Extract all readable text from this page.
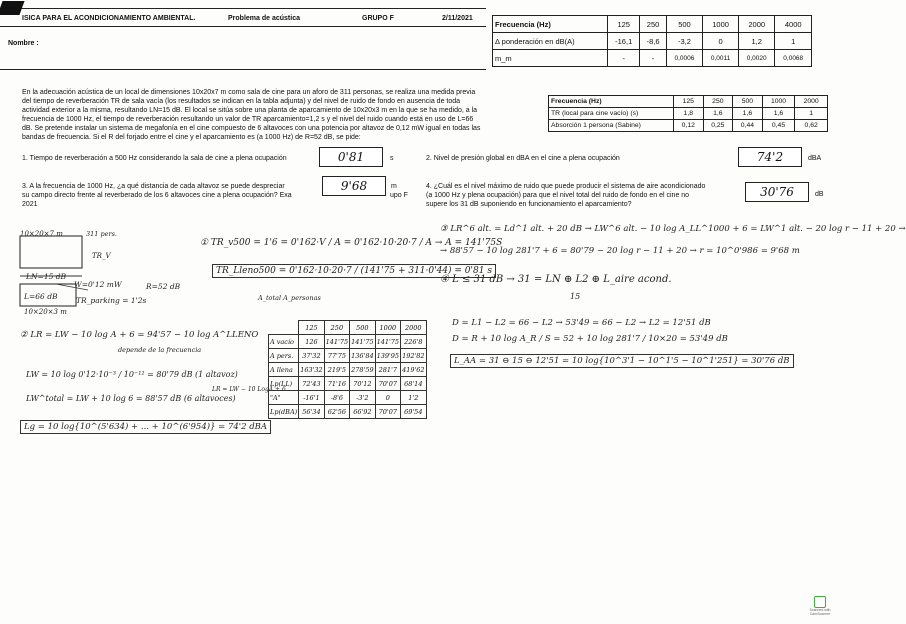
ISICA PARA EL ACONDICIONAMIENTO AMBIENTAL.	Problema de acústica	GRUPO F	2/11/2021
Nombre :
Frecuencia (Hz)	125	250	500	1000	2000	4000
Δ ponderación en dB(A)	-16,1	-8,6	-3,2	0	1,2	1
m_m	-	-	0,0006	0,0011	0,0020	0,0068
En la adecuación acústica de un local de dimensiones 10x20x7 m como sala de cine para un aforo de 311 personas, se realiza una medida previa
del tiempo de reverberación TR de sala vacía (los resultados se indican en la tabla adjunta) y del nivel de ruido de fondo en ausencia de toda
actividad exterior a la misma, resultando LN=15 dB. El local se sitúa sobre una planta de aparcamiento de 10x20x3 m en la que se ha medido, a la
frecuencia de 1000 Hz, el tiempo de reverberación resultando un valor de TR aparcamiento=1,2 s y el nivel del ruido cuando está en uso de L=66
dB. Se pretende instalar un sistema de megafonía en el cine compuesto de 6 altavoces con una potencia por altavoz de 0,12 mW igual en todas las
bandas de frecuencia. Si el R del forjado entre el cine y el aparcamiento es (a 1000 Hz) de R=52 dB, se pide:
Frecuencia (Hz)	125	250	500	1000	2000
TR (local para cine vacío) (s)	1,8	1,6	1,6	1,6	1
Absorción 1 persona (Sabine)	0,12	0,25	0,44	0,45	0,62
1. Tiempo de reverberación a 500 Hz considerando la sala de cine a plena ocupación	0'81	s	2. Nivel de presión global en dBA en el cine a plena ocupación	74'2	dBA
3. A la frecuencia de 1000 Hz, ¿a qué distancia de cada altavoz se puede despreciar
su campo directo frente al reverberado de los 6 altavoces cine a plena ocupación? Exa	upo F
2021
9'68	m	4. ¿Cuál es el nivel máximo de ruido que puede producir el sistema de aire acondicionado
(a 1000 Hz y plena ocupación) para que el nivel total del ruido de fondo en el cine no
supere los 31 dB suponiendo en funcionamiento el aparcamiento?
30'76	dB
10×20×7 m	311 pers.
TR_V
LN=15 dB
W=0'12 mW	R=52 dB
L=66 dB TR_parking = 1'2s
10×20×3 m
① TR_v500 = 1'6 = 0'162·V / A = 0'162·10·20·7 / A → A = 141'75S
TR_Lleno500 = 0'162·10·20·7 / (141'75 + 311·0'44) = 0'81 s
A_total A_personas
② LR = LW − 10 log A + 6 = 94'57 − 10 log A^LLENO
depende de la frecuencia
LW = 10 log 0'12·10⁻³ / 10⁻¹² = 80'79 dB (1 altavoz)
LR = LW − 10 LogA + 6
LW^total = LW + 10 log 6 = 88'57 dB (6 altavoces)
Lg = 10 log{10^(5'634) + ... + 10^(6'954)} = 74'2 dBA
	125	250	500	1000	2000
A vacío	126	141'75	141'75	141'75	226'8
A pers.	37'32	77'75	136'84	139'95	192'82
A llena	163'32	219'5	278'59	281'7	419'62
Lp(LL)	72'43	71'16	70'12	70'07	68'14
"A"	-16'1	-8'6	-3'2	0	1'2
Lp(dBA)	56'34	62'56	66'92	70'07	69'54
③ LR^6 alt. = Ld^1 alt. + 20 dB → LW^6 alt. − 10 log A_LL^1000 + 6 = LW^1 alt. − 20 log r − 11 + 20 →
→ 88'57 − 10 log 281'7 + 6 = 80'79 − 20 log r − 11 + 20 → r = 10^0'986 = 9'68 m
④ L ≤ 31 dB → 31 = LN ⊕ L2 ⊕ L_aire acond.
15
D = L1 − L2 = 66 − L2 → 53'49 = 66 − L2 → L2 = 12'51 dB
D = R + 10 log A_R / S = 52 + 10 log 281'7 / 10×20 = 53'49 dB
L_AA = 31 ⊖ 15 ⊖ 12'51 = 10 log{10^3'1 − 10^1'5 − 10^1'251} = 30'76 dB
Scanned with CamScanner
